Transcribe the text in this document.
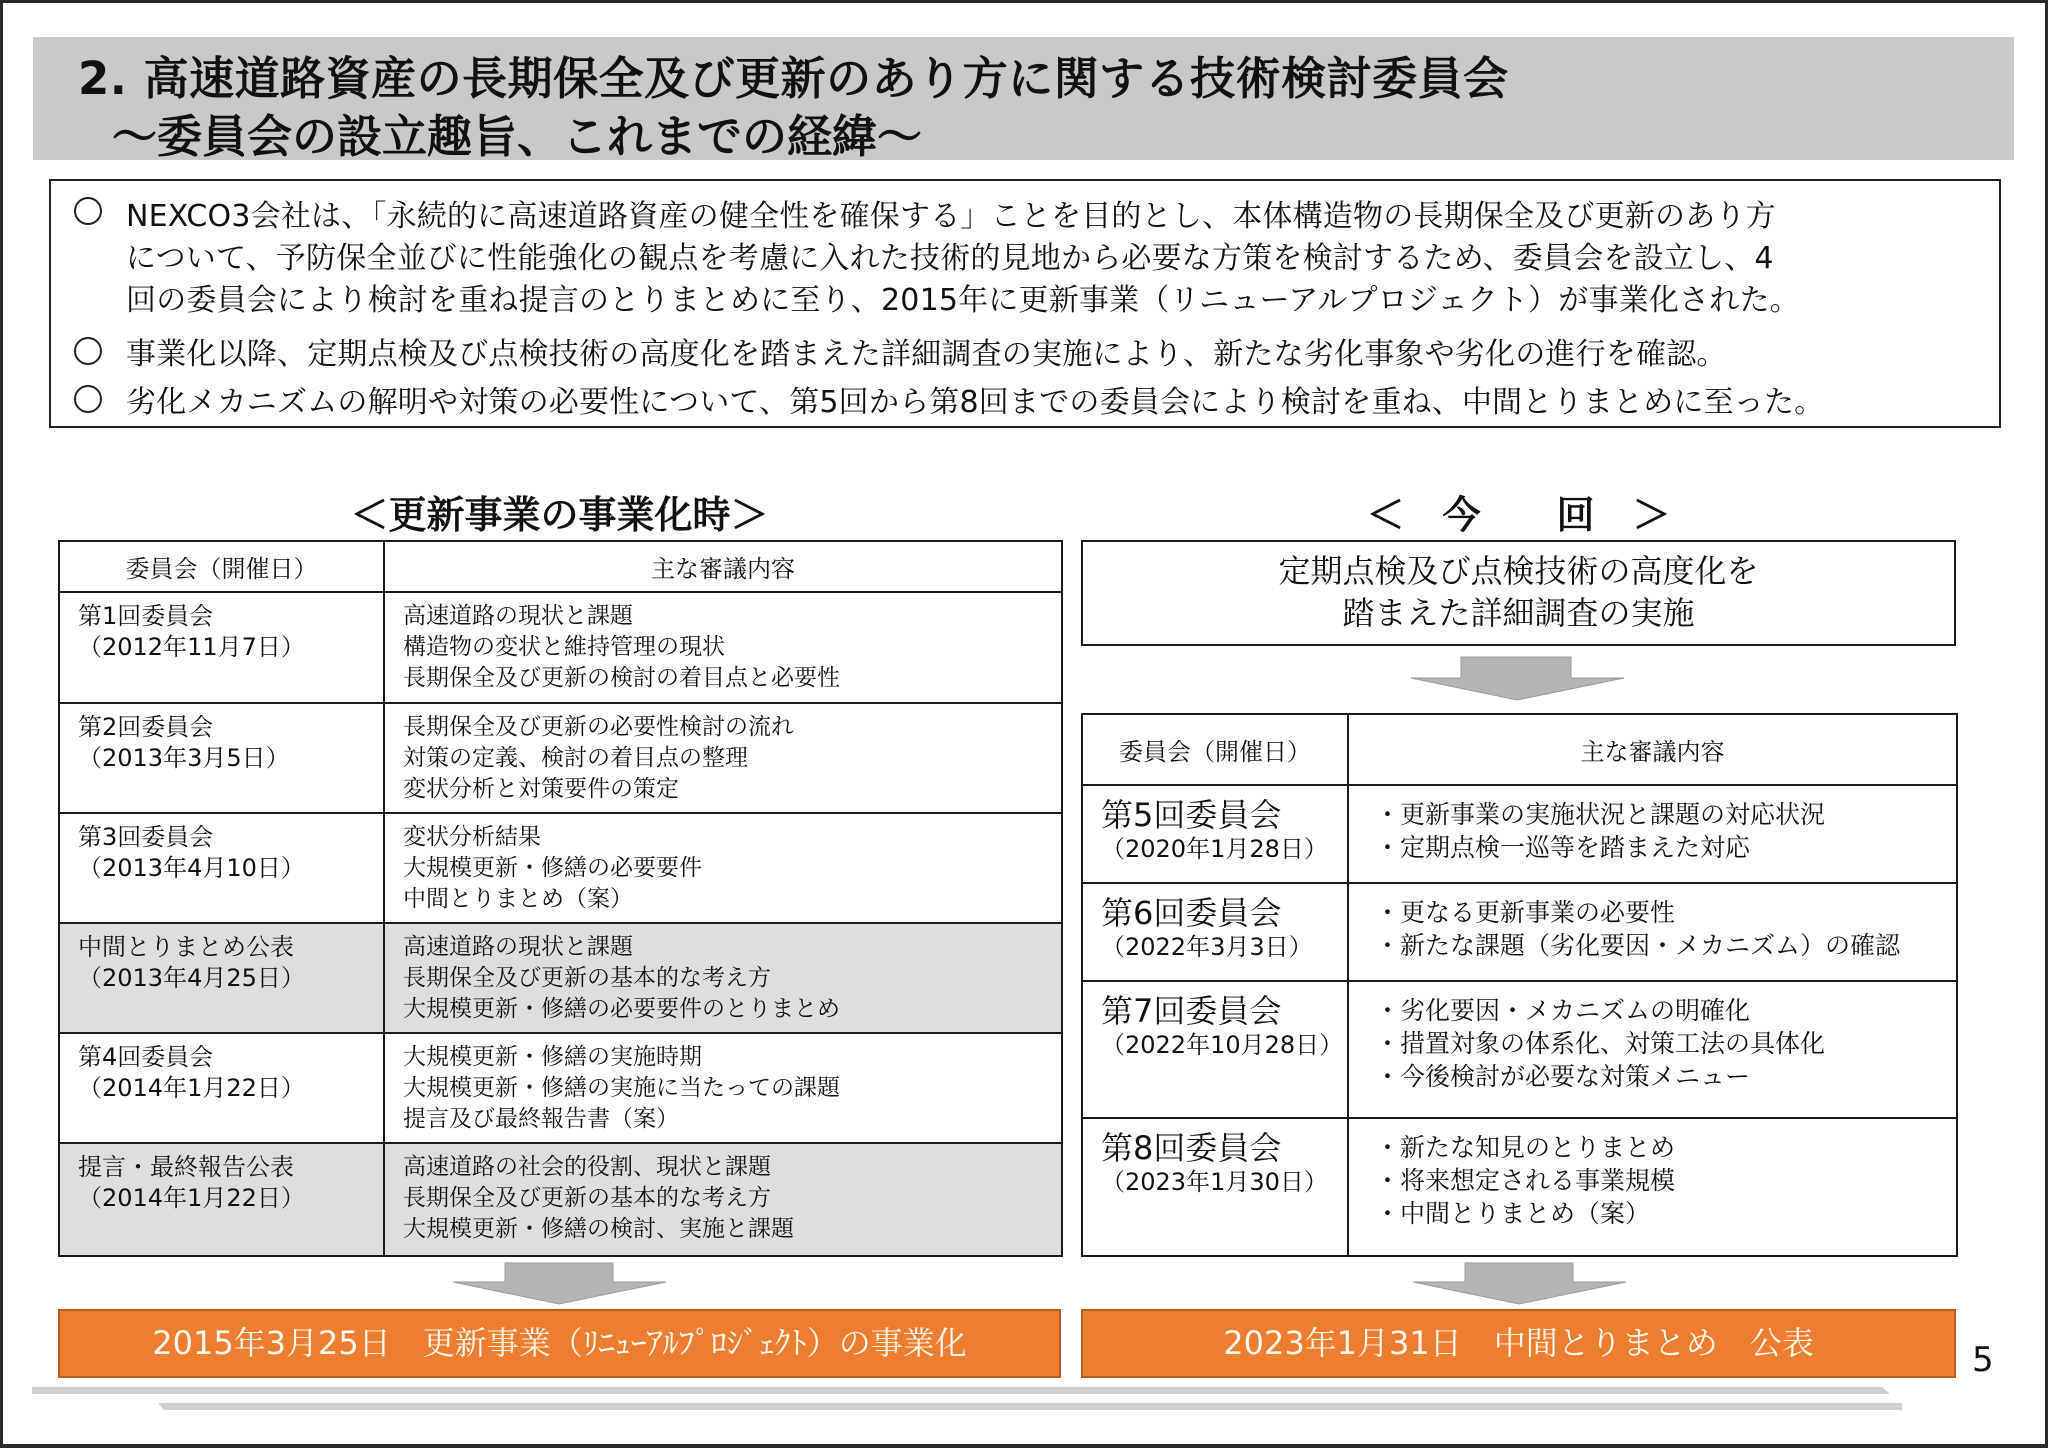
2. 高速道路資産の長期保全及び更新のあり方に関する技術検討委員会
〜委員会の設立趣旨、これまでの経緯〜
NEXCO3会社は、「永続的に高速道路資産の健全性を確保する」ことを目的とし、本体構造物の長期保全及び更新のあり方
について、予防保全並びに性能強化の観点を考慮に入れた技術的見地から必要な方策を検討するため、委員会を設立し、4
回の委員会により検討を重ね提言のとりまとめに至り、2015年に更新事業（リニューアルプロジェクト）が事業化された。
事業化以降、定期点検及び点検技術の高度化を踏まえた詳細調査の実施により、新たな劣化事象や劣化の進行を確認。
劣化メカニズムの解明や対策の必要性について、第5回から第8回までの委員会により検討を重ね、中間とりまとめに至った。
＜更新事業の事業化時＞
委員会（開催日）	主な審議内容

第1回委員会
（2012年11月7日）	高速道路の現状と課題
構造物の変状と維持管理の現状
長期保全及び更新の検討の着目点と必要性

第2回委員会
（2013年3月5日）	長期保全及び更新の必要性検討の流れ
対策の定義、検討の着目点の整理
変状分析と対策要件の策定

第3回委員会
（2013年4月10日）	変状分析結果
大規模更新・修繕の必要要件
中間とりまとめ（案）

中間とりまとめ公表
（2013年4月25日）	高速道路の現状と課題
長期保全及び更新の基本的な考え方
大規模更新・修繕の必要要件のとりまとめ

第4回委員会
（2014年1月22日）	大規模更新・修繕の実施時期
大規模更新・修繕の実施に当たっての課題
提言及び最終報告書（案）

提言・最終報告公表
（2014年1月22日）	高速道路の社会的役割、現状と課題
長期保全及び更新の基本的な考え方
大規模更新・修繕の検討、実施と課題
2015年3月25日　更新事業（ﾘﾆｭｰｱﾙﾌﾟﾛｼﾞｪｸﾄ）の事業化
＜　今　　回　＞
定期点検及び点検技術の高度化を
踏まえた詳細調査の実施
委員会（開催日）	主な審議内容

第5回委員会
（2020年1月28日）	・更新事業の実施状況と課題の対応状況
・定期点検一巡等を踏まえた対応

第6回委員会
（2022年3月3日）	・更なる更新事業の必要性
・新たな課題（劣化要因・メカニズム）の確認

第7回委員会
（2022年10月28日）	・劣化要因・メカニズムの明確化
・措置対象の体系化、対策工法の具体化
・今後検討が必要な対策メニュー

第8回委員会
（2023年1月30日）	・新たな知見のとりまとめ
・将来想定される事業規模
・中間とりまとめ（案）
2023年1月31日　中間とりまとめ　公表	5
